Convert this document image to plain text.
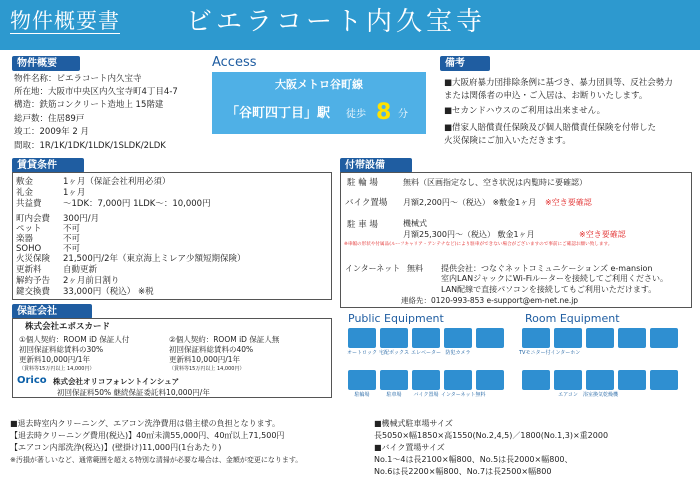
物件概要書	ビエラコート内久宝寺
物件概要
物件名称：ビエラコート内久宝寺
所在地：大阪市中央区内久宝寺町4丁目4-7
構造：鉄筋コンクリート造地上 15階建
総戸数：住居89戸
竣工：2009年 2 月
間取：1R/1K/1DK/1LDK/1SLDK/2LDK
Access
大阪メトロ谷町線
「谷町四丁目」駅 徒歩 8 分
備考
■大阪府暴力団排除条例に基づき、暴力団員等、反社会勢力
または関係者の申込・ご入居は、お断りいたします。
■セカンドハウスのご利用は出来ません。
■借家人賠償責任保険及び個人賠償責任保険を付帯した
火災保険にご加入いただきます。
賃貸条件
敷金	1ヶ月（保証会社利用必須）
礼金	1ヶ月
共益費	～1DK：7,000円 1LDK～：10,000円
町内会費 300円/月
ペット	不可
楽器	不可
SOHO	不可
火災保険 21,500円/2年（東京海上ミレア少額短期保険）
更新料	自動更新
解約予告 2ヶ月前日割り
鍵交換費 33,000円（税込） ※税
付帯設備
駐 輪 場	無料（区画指定なし、空き状況は内覧時に要確認）
バイク置場 月額2,200円～（税込） ※敷金1ヶ月 ※空き要確認
駐 車 場	機械式
月額25,300円～（税込） 敷金1ヶ月	※空き要確認
※車幅の形状や付属品(ルーフキャリア・アンテナなど)により駐車ができない場合がございますので事前にご確認お願い致します。
インターネット 無料 提供会社：つなぐネットコミュニケーションズ e-mansion
室内LANジャックにWi-Fiルーターを接続してご利用ください。
LAN配線で直接パソコンを接続してもご利用いただけます。
連絡先：0120-993-853 e-support@em-net.ne.jp
保証会社
株式会社エポスカード
①個人契約：ROOM iD 保証人付
初回保証料総賃料の30%
更新料10,000円/1年
（賃料等15万円以上 14,000円）
②個人契約：ROOM iD 保証人無
初回保証料総賃料の40%
更新料10,000円/1年
（賃料等15万円以上 14,000円）
Orico 株式会社オリコフォレントインシュア
初回保証料50% 継続保証委託料10,000円/年
Public Equipment	Room Equipment
オートロック 宅配ボックス エレベーター 防犯カメラ
駐輪場	駐車場	バイク置場 インターネット無料
TVモニター付インターホン
エアコン	浴室換気乾燥機
■退去時室内クリーニング、エアコン洗浄費用は借主様の負担となります。
【退去時クリーニング費用(税込)】40㎡未満55,000円、40㎡以上71,500円
【エアコン内部洗浄(税込)】(壁掛け)11,000円(1台あたり)
※汚損が著しいなど、通常範囲を超える特別な清掃が必要な場合は、金額が変更になります。
■機械式駐車場サイズ
長5050×幅1850×高1550(No.2,4,5)／1800(No.1,3)×重2000
■バイク置場サイズ
No.1～4は長2100×幅800、No.5は長2000×幅800、
No.6は長2200×幅800、No.7は長2500×幅800
